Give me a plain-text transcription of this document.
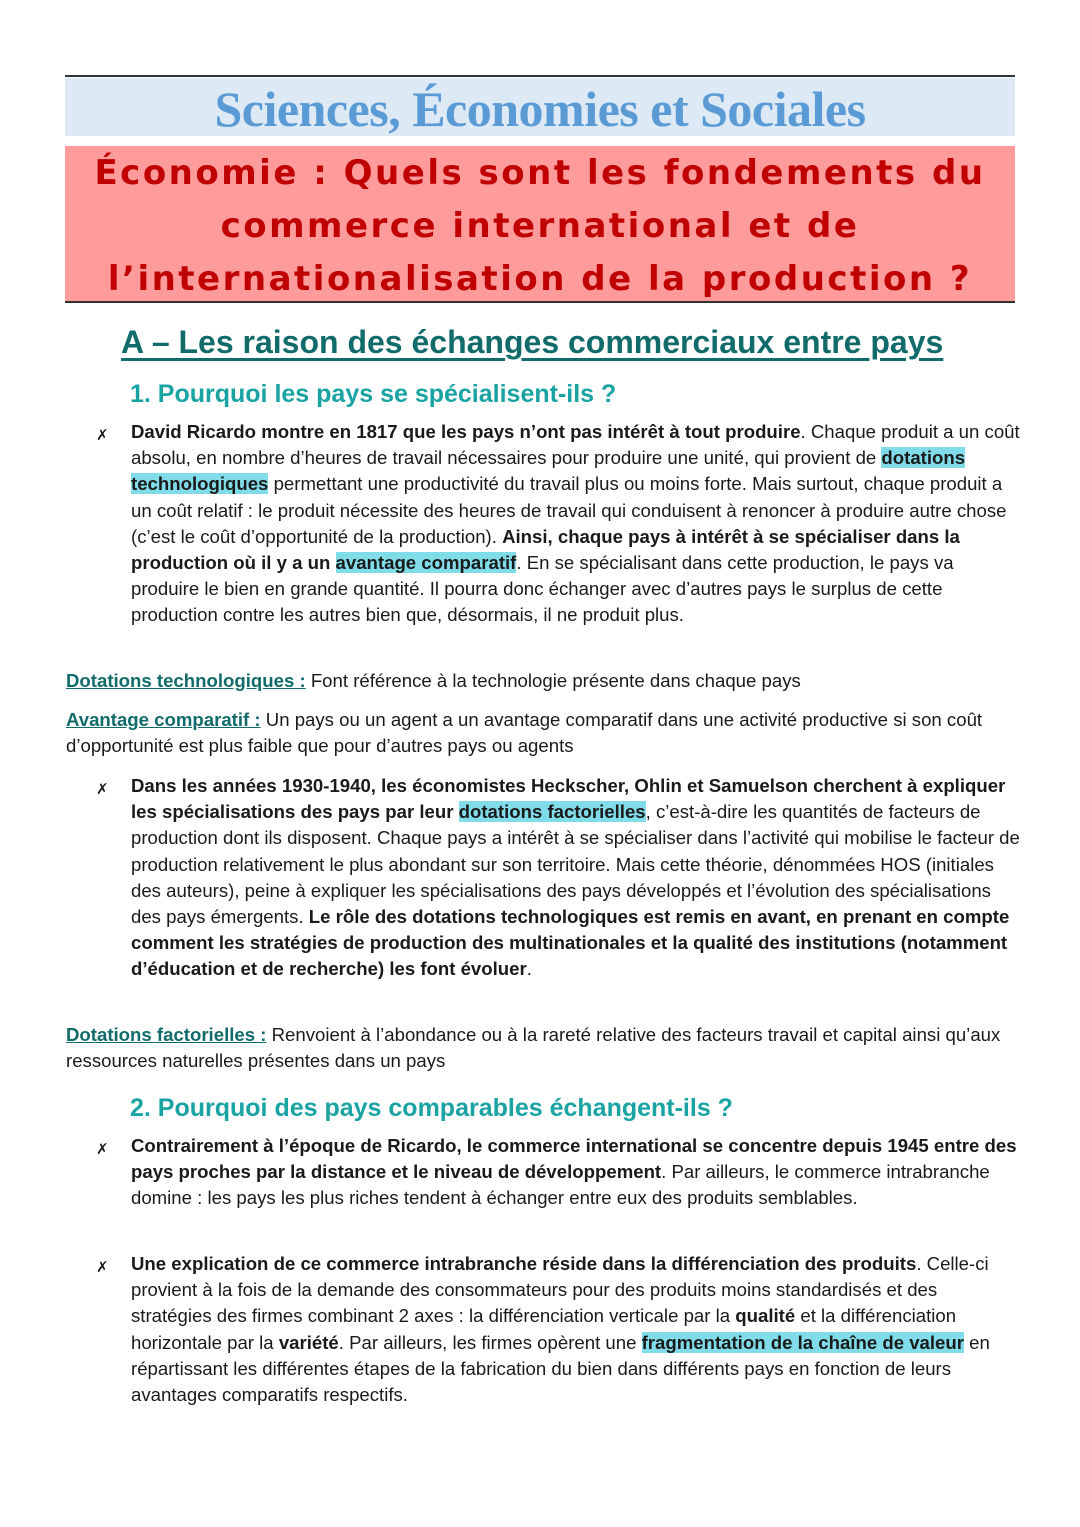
Sciences, Économies et Sociales
Économie : Quels sont les fondements du
commerce international et de
l’internationalisation de la production ?
A – Les raison des échanges commerciaux entre pays
1. Pourquoi les pays se spécialisent-ils ?
✗ David Ricardo montre en 1817 que les pays n’ont pas intérêt à tout produire. Chaque produit a un coût absolu, en nombre d’heures de travail nécessaires pour produire une unité, qui provient de dotations technologiques permettant une productivité du travail plus ou moins forte. Mais surtout, chaque produit a un coût relatif : le produit nécessite des heures de travail qui conduisent à renoncer à produire autre chose (c’est le coût d’opportunité de la production). Ainsi, chaque pays à intérêt à se spécialiser dans la production où il y a un avantage comparatif. En se spécialisant dans cette production, le pays va produire le bien en grande quantité. Il pourra donc échanger avec d’autres pays le surplus de cette production contre les autres bien que, désormais, il ne produit plus.
Dotations technologiques : Font référence à la technologie présente dans chaque pays
Avantage comparatif : Un pays ou un agent a un avantage comparatif dans une activité productive si son coût d’opportunité est plus faible que pour d’autres pays ou agents
✗ Dans les années 1930-1940, les économistes Heckscher, Ohlin et Samuelson cherchent à expliquer les spécialisations des pays par leur dotations factorielles, c’est-à-dire les quantités de facteurs de production dont ils disposent. Chaque pays a intérêt à se spécialiser dans l’activité qui mobilise le facteur de production relativement le plus abondant sur son territoire. Mais cette théorie, dénommées HOS (initiales des auteurs), peine à expliquer les spécialisations des pays développés et l’évolution des spécialisations des pays émergents. Le rôle des dotations technologiques est remis en avant, en prenant en compte comment les stratégies de production des multinationales et la qualité des institutions (notamment d’éducation et de recherche) les font évoluer.
Dotations factorielles : Renvoient à l’abondance ou à la rareté relative des facteurs travail et capital ainsi qu’aux ressources naturelles présentes dans un pays
2. Pourquoi des pays comparables échangent-ils ?
✗ Contrairement à l’époque de Ricardo, le commerce international se concentre depuis 1945 entre des pays proches par la distance et le niveau de développement. Par ailleurs, le commerce intrabranche domine : les pays les plus riches tendent à échanger entre eux des produits semblables.
✗ Une explication de ce commerce intrabranche réside dans la différenciation des produits. Celle-ci provient à la fois de la demande des consommateurs pour des produits moins standardisés et des stratégies des firmes combinant 2 axes : la différenciation verticale par la qualité et la différenciation horizontale par la variété. Par ailleurs, les firmes opèrent une fragmentation de la chaîne de valeur en répartissant les différentes étapes de la fabrication du bien dans différents pays en fonction de leurs avantages comparatifs respectifs.
